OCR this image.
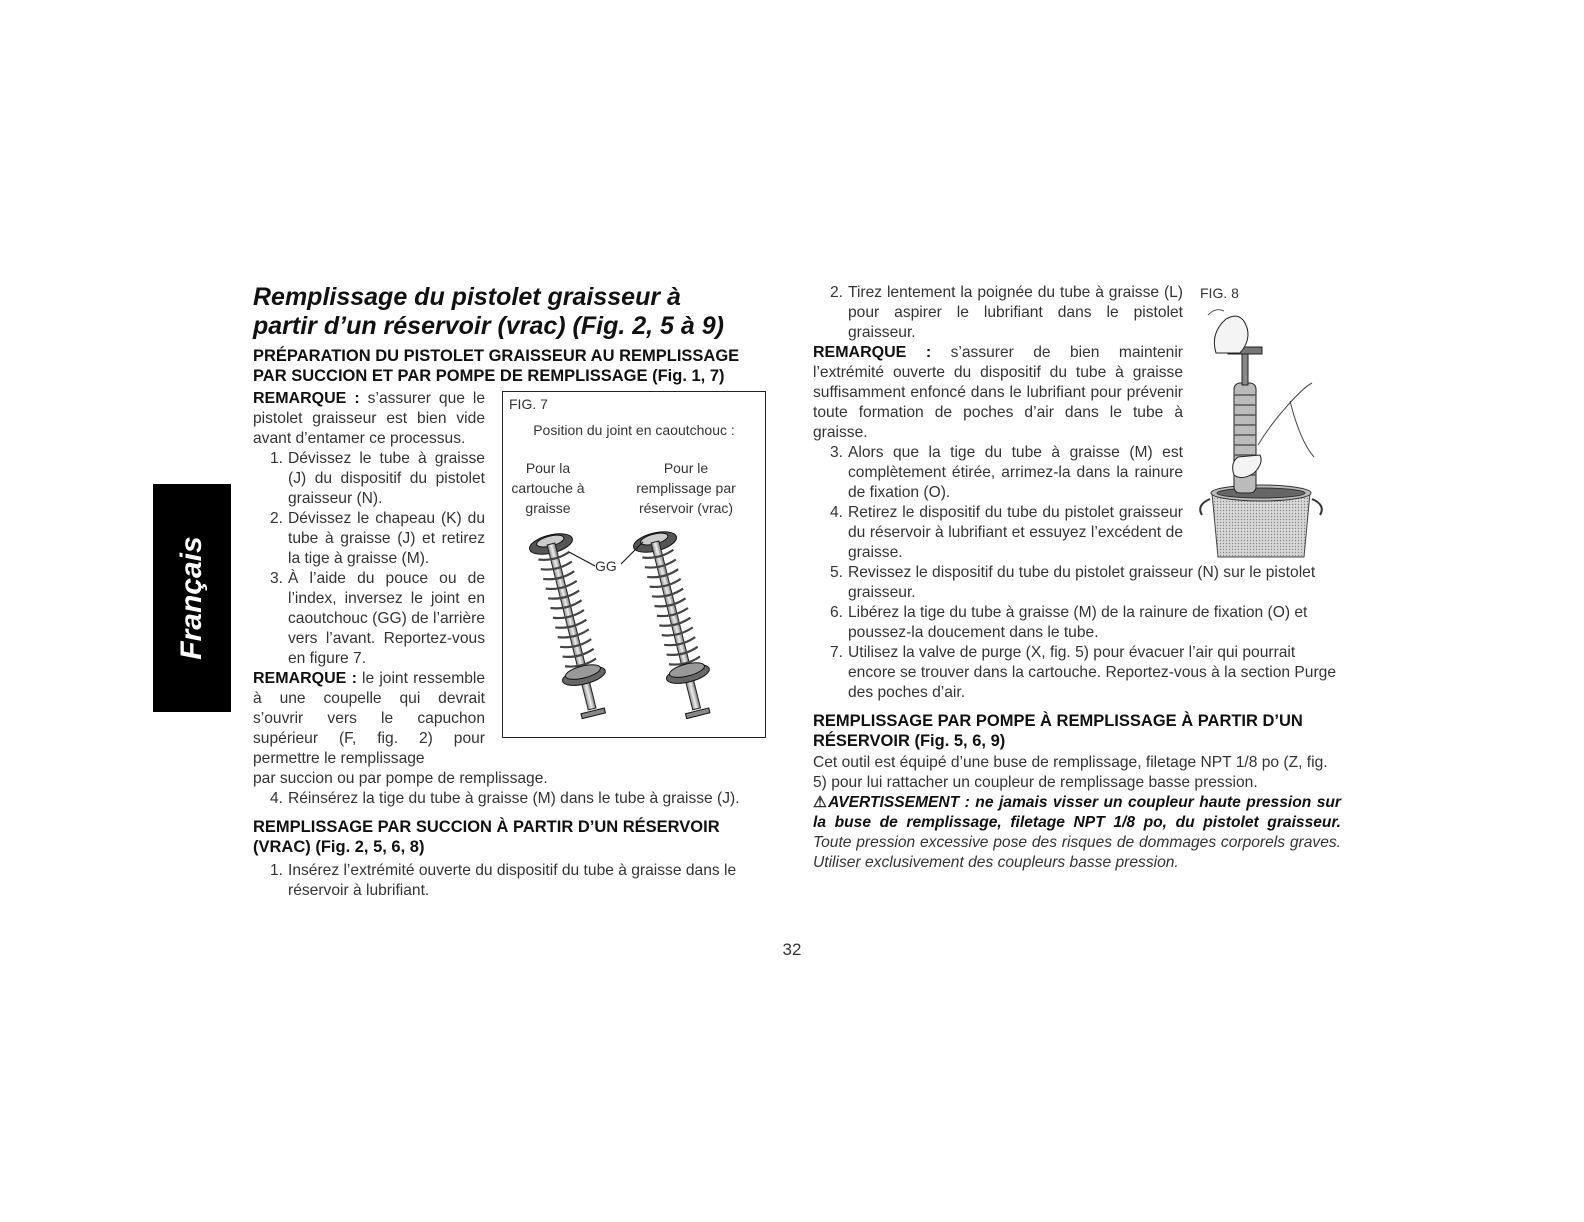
Français
Remplissage du pistolet graisseur à
partir d’un réservoir (vrac) (Fig. 2, 5 à 9)
PRÉPARATION DU PISTOLET GRAISSEUR AU REMPLISSAGE PAR SUCCION ET PAR POMPE DE REMPLISSAGE (Fig. 1, 7)

REMARQUE : s’assurer que le pistolet graisseur est bien vide avant d’entamer ce processus.

1. Dévissez le tube à graisse (J) du dispositif du pistolet graisseur (N).
2. Dévissez le chapeau (K) du tube à graisse (J) et retirez la tige à graisse (M).
3. À l’aide du pouce ou de l’index, inversez le joint en caoutchouc (GG) de l’arrière vers l’avant. Reportez-vous en figure 7.

REMARQUE : le joint ressemble à une coupelle qui devrait s’ouvrir vers le capuchon supérieur (F, fig. 2) pour permettre le remplissage

par succion ou par pompe de remplissage.

4. Réinsérez la tige du tube à graisse (M) dans le tube à graisse (J).
REMPLISSAGE PAR SUCCION À PARTIR D’UN RÉSERVOIR (VRAC) (Fig. 2, 5, 6, 8)
1. Insérez l’extrémité ouverte du dispositif du tube à graisse dans le réservoir à lubrifiant.
FIG. 7
Position du joint en caoutchouc :
Pour la
cartouche à
graisse
Pour le
remplissage par
réservoir (vrac)
GG
2. Tirez lentement la poignée du tube à graisse (L) pour aspirer le lubrifiant dans le pistolet graisseur.

REMARQUE : s’assurer de bien maintenir l’extrémité ouverte du dispositif du tube à graisse suffisamment enfoncé dans le lubrifiant pour prévenir toute formation de poches d’air dans le tube à graisse.

3. Alors que la tige du tube à graisse (M) est complètement étirée, arrimez-la dans la rainure de fixation (O).
4. Retirez le dispositif du tube du pistolet graisseur du réservoir à lubrifiant et essuyez l’excédent de graisse.
5. Revissez le dispositif du tube du pistolet graisseur (N) sur le pistolet graisseur.
6. Libérez la tige du tube à graisse (M) de la rainure de fixation (O) et poussez-la doucement dans le tube.
7. Utilisez la valve de purge (X, fig. 5) pour évacuer l’air qui pourrait encore se trouver dans la cartouche. Reportez-vous à la section Purge des poches d’air.
REMPLISSAGE PAR POMPE À REMPLISSAGE À PARTIR D’UN RÉSERVOIR (Fig. 5, 6, 9)

Cet outil est équipé d’une buse de remplissage, filetage NPT 1/8 po (Z, fig. 5) pour lui rattacher un coupleur de remplissage basse pression.

⚠AVERTISSEMENT : ne jamais visser un coupleur haute pression sur la buse de remplissage, filetage NPT 1/8 po, du pistolet graisseur. Toute pression excessive pose des risques de dommages corporels graves. Utiliser exclusivement des coupleurs basse pression.

FIG. 8
32
